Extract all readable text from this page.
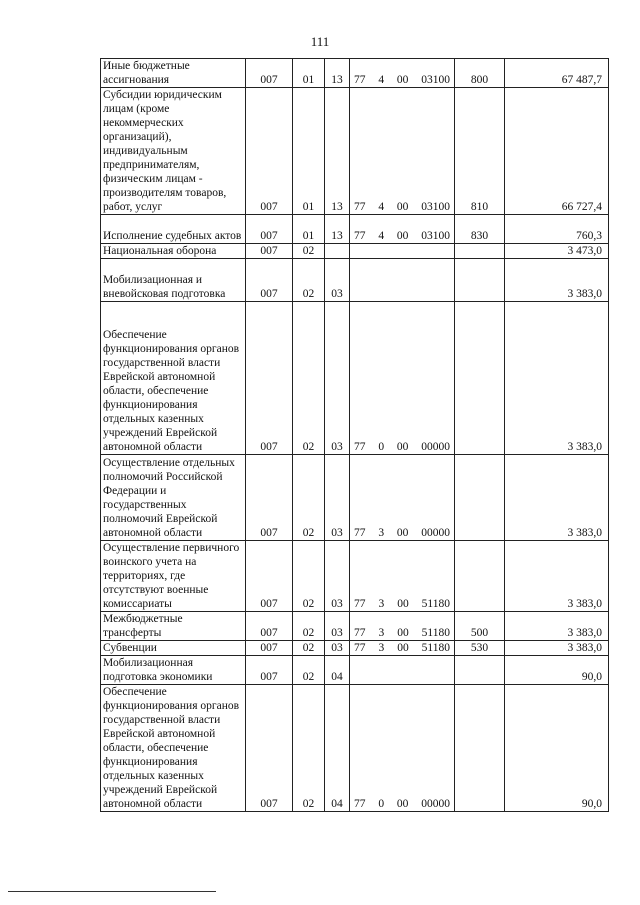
111
Иные бюджетные ассигнования	007	01	13	77 4 00 03100	800	67 487,7
Субсидии юридическим лицам (кроме некоммерческих организаций), индивидуальным предпринимателям, физическим лицам - производителям товаров, работ, услуг	007	01	13	77 4 00 03100	810	66 727,4
Исполнение судебных актов	007	01	13	77 4 00 03100	830	760,3
Национальная оборона	007	02				3 473,0
Мобилизационная и вневойсковая подготовка	007	02	03			3 383,0
Обеспечение функционирования органов государственной власти Еврейской автономной области, обеспечение функционирования отдельных казенных учреждений Еврейской автономной области	007	02	03	77 0 00 00000		3 383,0
Осуществление отдельных полномочий Российской Федерации и государственных полномочий Еврейской автономной области	007	02	03	77 3 00 00000		3 383,0
Осуществление первичного воинского учета на территориях, где отсутствуют военные комиссариаты	007	02	03	77 3 00 51180		3 383,0
Межбюджетные трансферты	007	02	03	77 3 00 51180	500	3 383,0
Субвенции	007	02	03	77 3 00 51180	530	3 383,0
Мобилизационная подготовка экономики	007	02	04			90,0
Обеспечение функционирования органов государственной власти Еврейской автономной области, обеспечение функционирования отдельных казенных учреждений Еврейской автономной области	007	02	04	77 0 00 00000		90,0
